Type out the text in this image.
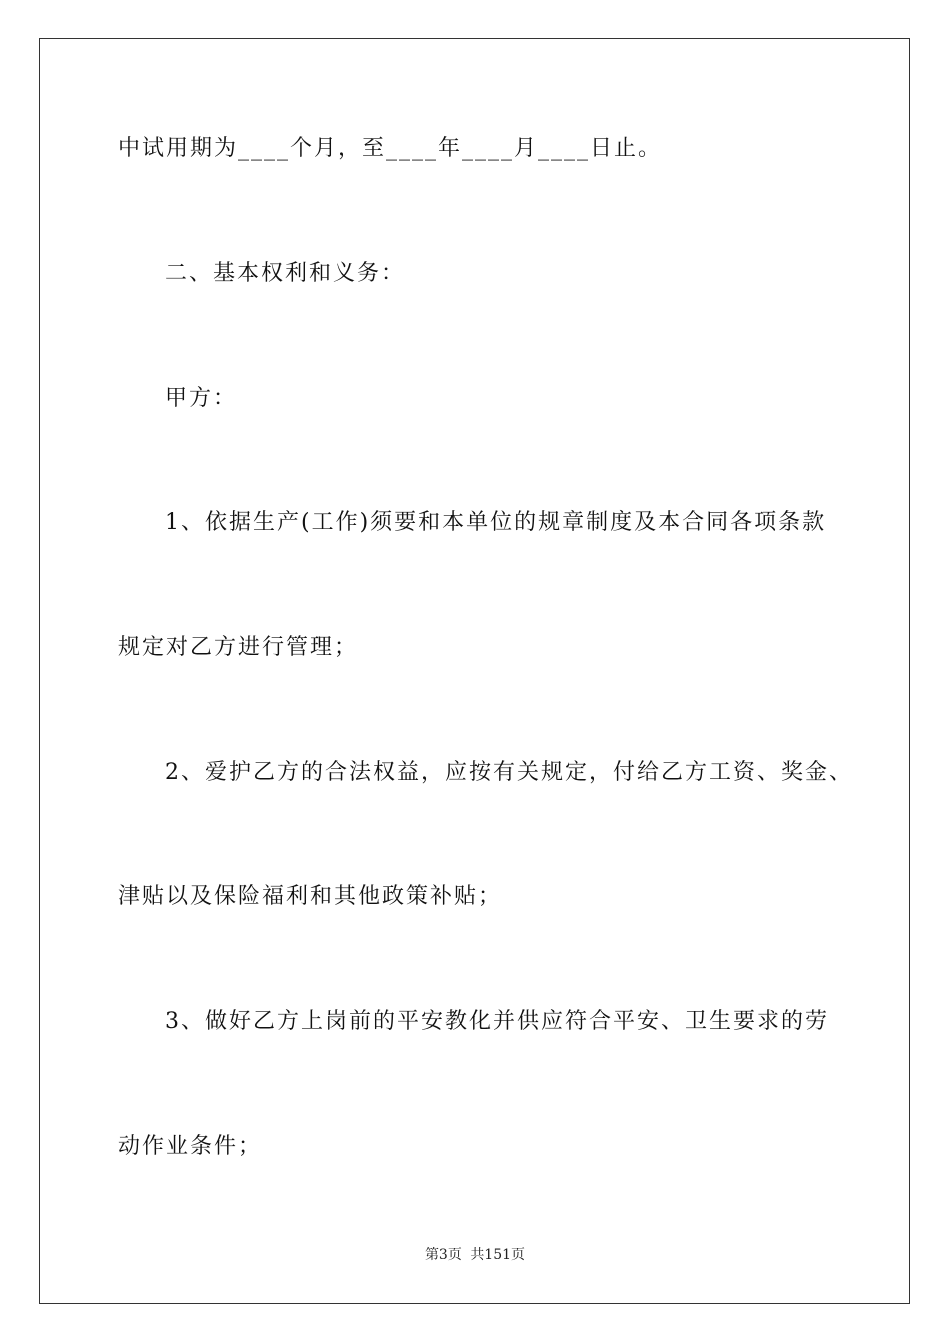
中试用期为____个月，至____年____月____日止。
二、基本权利和义务：
甲方：
1、依据生产(工作)须要和本单位的规章制度及本合同各项条款
规定对乙方进行管理；
2、爱护乙方的合法权益，应按有关规定，付给乙方工资、奖金、
津贴以及保险福利和其他政策补贴；
3、做好乙方上岗前的平安教化并供应符合平安、卫生要求的劳
动作业条件；
第3页 共151页
